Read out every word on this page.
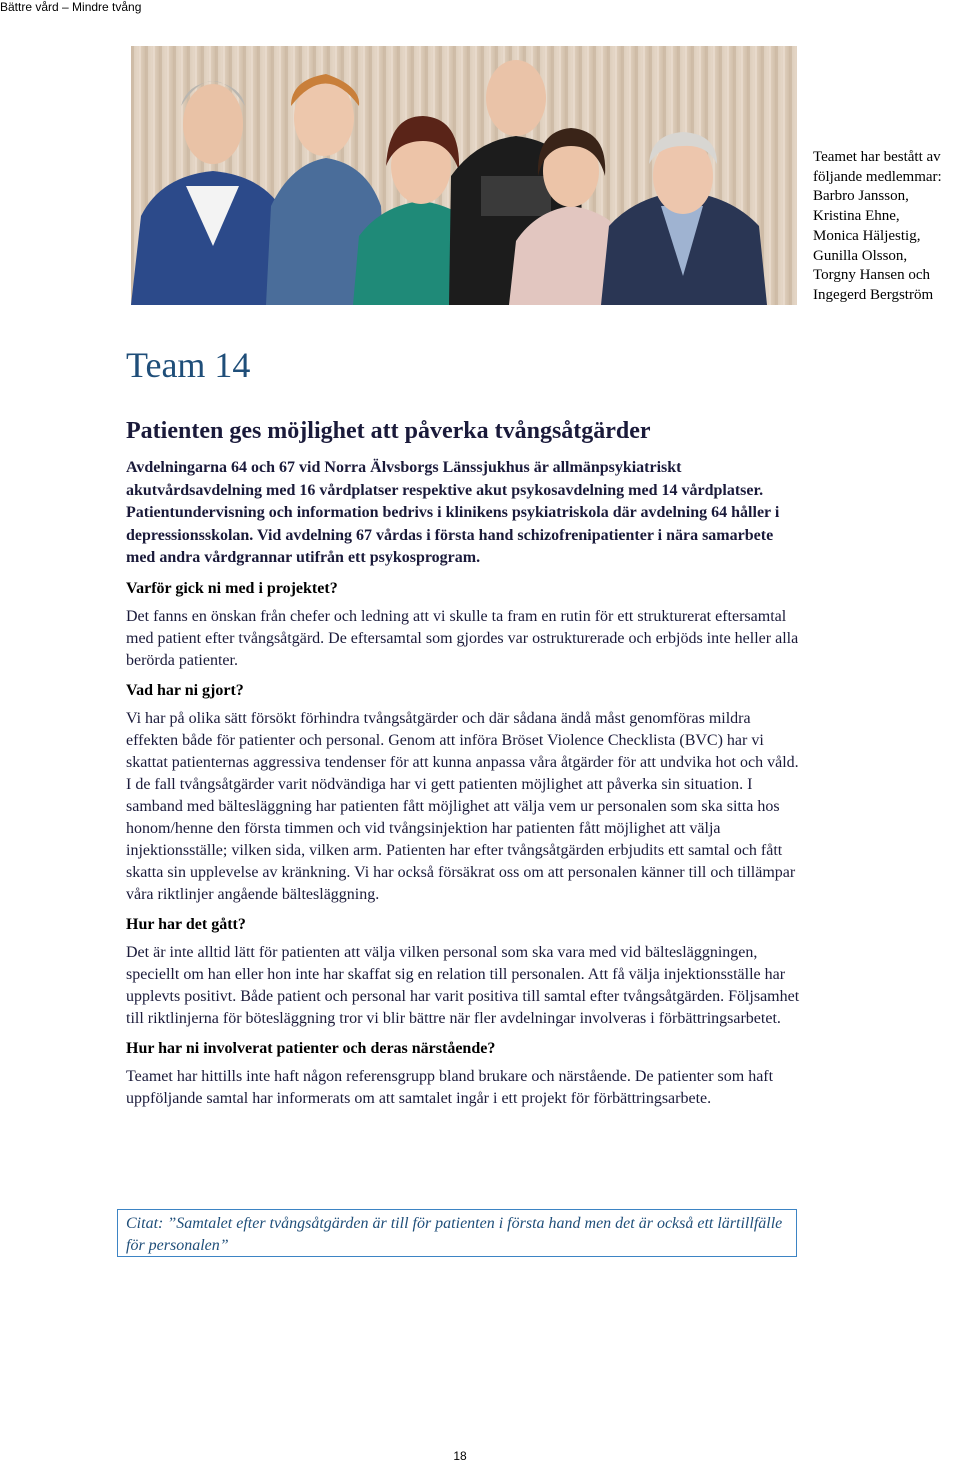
Bättre vård – Mindre tvång
Teamet har bestått av
följande medlemmar:
Barbro Jansson,
Kristina Ehne,
Monica Häljestig,
Gunilla Olsson,
Torgny Hansen och
Ingegerd Bergström
Team 14
Patienten ges möjlighet att påverka tvångsåtgärder

Avdelningarna 64 och 67 vid Norra Älvsborgs Länssjukhus är allmänpsykiatriskt akutvårdsavdelning med 16 vårdplatser respektive akut psykosavdelning med 14 vårdplatser. Patientundervisning och information bedrivs i klinikens psykiatriskola där avdelning 64 håller i depressionsskolan. Vid avdelning 67 vårdas i första hand schizofrenipatienter i nära samarbete med andra vårdgrannar utifrån ett psykosprogram.

Varför gick ni med i projektet?

Det fanns en önskan från chefer och ledning att vi skulle ta fram en rutin för ett strukturerat eftersamtal med patient efter tvångsåtgärd. De eftersamtal som gjordes var ostrukturerade och erbjöds inte heller alla berörda patienter.

Vad har ni gjort?

Vi har på olika sätt försökt förhindra tvångsåtgärder och där sådana ändå måst genomföras mildra effekten både för patienter och personal. Genom att införa Bröset Violence Checklista (BVC) har vi skattat patienternas aggressiva tendenser för att kunna anpassa våra åtgärder för att undvika hot och våld. I de fall tvångsåtgärder varit nödvändiga har vi gett patienten möjlighet att påverka sin situation. I samband med bältesläggning har patienten fått möjlighet att välja vem ur personalen som ska sitta hos honom/henne den första timmen och vid tvångsinjektion har patienten fått möjlighet att välja injektionsställe; vilken sida, vilken arm. Patienten har efter tvångsåtgärden erbjudits ett samtal och fått skatta sin upplevelse av kränkning. Vi har också försäkrat oss om att personalen känner till och tillämpar våra riktlinjer angående bältesläggning.

Hur har det gått?

Det är inte alltid lätt för patienten att välja vilken personal som ska vara med vid bältesläggningen, speciellt om han eller hon inte har skaffat sig en relation till personalen. Att få välja injektionsställe har upplevts positivt. Både patient och personal har varit positiva till samtal efter tvångsåtgärden. Följsamhet till riktlinjerna för bötesläggning tror vi blir bättre när fler avdelningar involveras i förbättringsarbetet.

Hur har ni involverat patienter och deras närstående?

Teamet har hittills inte haft någon referensgrupp bland brukare och närstående. De patienter som haft uppföljande samtal har informerats om att samtalet ingår i ett projekt för förbättringsarbete.

Citat: ”Samtalet efter tvångsåtgärden är till för patienten i första hand men det är också ett lärtillfälle för personalen”
18
